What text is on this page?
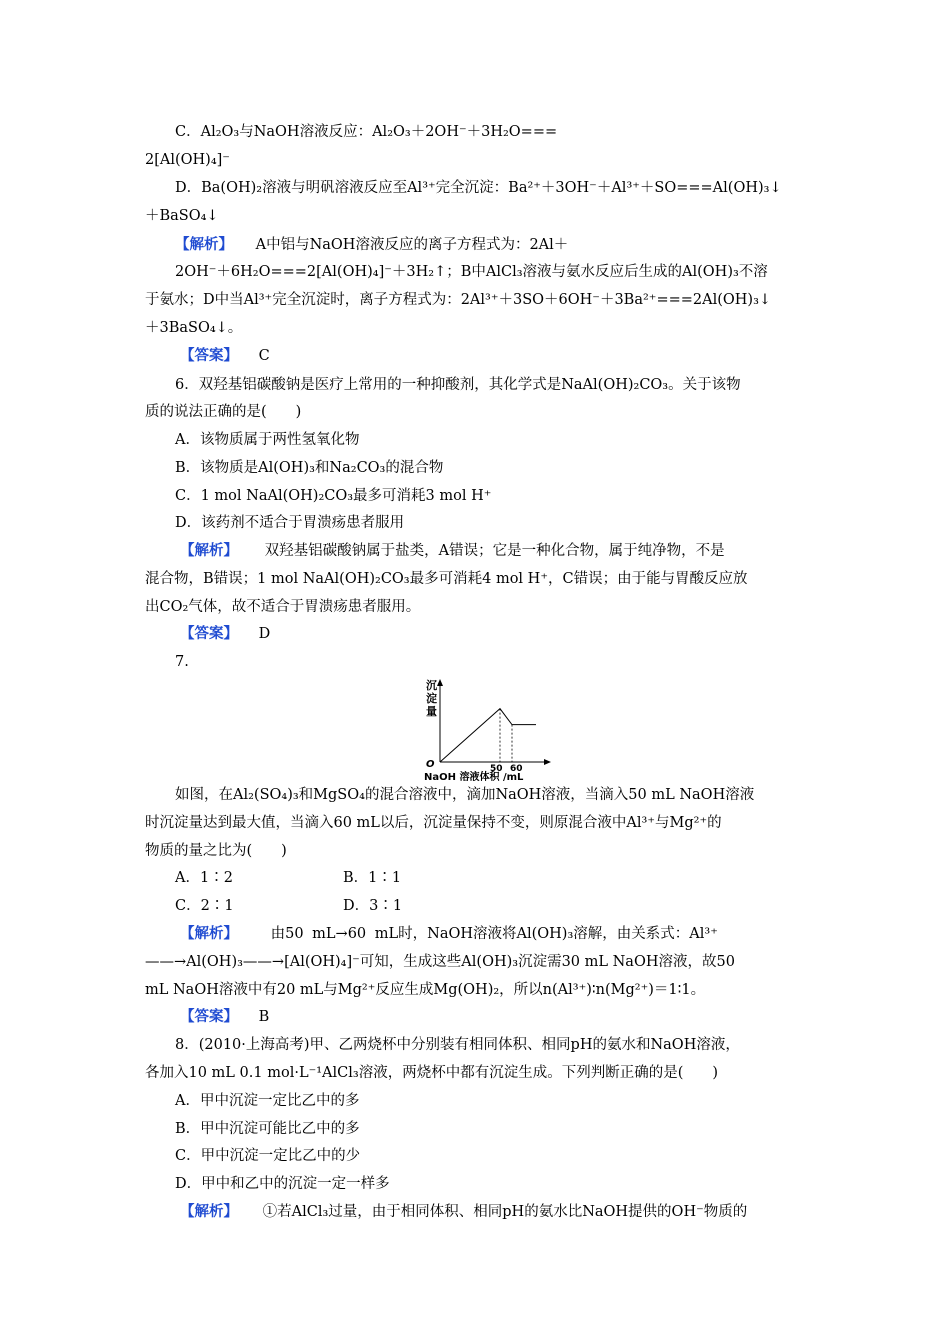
C．Al₂O₃与NaOH溶液反应：Al₂O₃＋2OH⁻＋3H₂O===
2[Al(OH)₄]⁻
D．Ba(OH)₂溶液与明矾溶液反应至Al³⁺完全沉淀：Ba²⁺＋3OH⁻＋Al³⁺＋SO===Al(OH)₃↓
＋BaSO₄↓
【解析】 A中铝与NaOH溶液反应的离子方程式为：2Al＋
2OH⁻＋6H₂O===2[Al(OH)₄]⁻＋3H₂↑；B中AlCl₃溶液与氨水反应后生成的Al(OH)₃不溶
于氨水；D中当Al³⁺完全沉淀时，离子方程式为：2Al³⁺＋3SO＋6OH⁻＋3Ba²⁺===2Al(OH)₃↓
＋3BaSO₄↓。
【答案】 C
6．双羟基铝碳酸钠是医疗上常用的一种抑酸剂，其化学式是NaAl(OH)₂CO₃。关于该物
质的说法正确的是(　　)
A．该物质属于两性氢氧化物
B．该物质是Al(OH)₃和Na₂CO₃的混合物
C．1 mol NaAl(OH)₂CO₃最多可消耗3 mol H⁺
D．该药剂不适合于胃溃疡患者服用
【解析】 双羟基铝碳酸钠属于盐类，A错误；它是一种化合物，属于纯净物，不是
混合物，B错误；1 mol NaAl(OH)₂CO₃最多可消耗4 mol H⁺，C错误；由于能与胃酸反应放
出CO₂气体，故不适合于胃溃疡患者服用。
【答案】 D
7.
沉
淀
量
O	50 60
NaOH 溶液体积 /mL
如图，在Al₂(SO₄)₃和MgSO₄的混合溶液中，滴加NaOH溶液，当滴入50 mL NaOH溶液
时沉淀量达到最大值，当滴入60 mL以后，沉淀量保持不变，则原混合液中Al³⁺与Mg²⁺的
物质的量之比为(　　)
A．1∶2	B．1∶1
C．2∶1	D．3∶1
【解析】 由50 mL→60 mL时，NaOH溶液将Al(OH)₃溶解，由关系式：Al³⁺
——→Al(OH)₃——→[Al(OH)₄]⁻可知，生成这些Al(OH)₃沉淀需30 mL NaOH溶液，故50
mL NaOH溶液中有20 mL与Mg²⁺反应生成Mg(OH)₂，所以n(Al³⁺)∶n(Mg²⁺)＝1∶1。
【答案】 B
8．(2010·上海高考)甲、乙两烧杯中分别装有相同体积、相同pH的氨水和NaOH溶液，
各加入10 mL 0.1 mol·L⁻¹AlCl₃溶液，两烧杯中都有沉淀生成。下列判断正确的是(　　)
A．甲中沉淀一定比乙中的多
B．甲中沉淀可能比乙中的多
C．甲中沉淀一定比乙中的少
D．甲中和乙中的沉淀一定一样多
【解析】 ①若AlCl₃过量，由于相同体积、相同pH的氨水比NaOH提供的OH⁻物质的
